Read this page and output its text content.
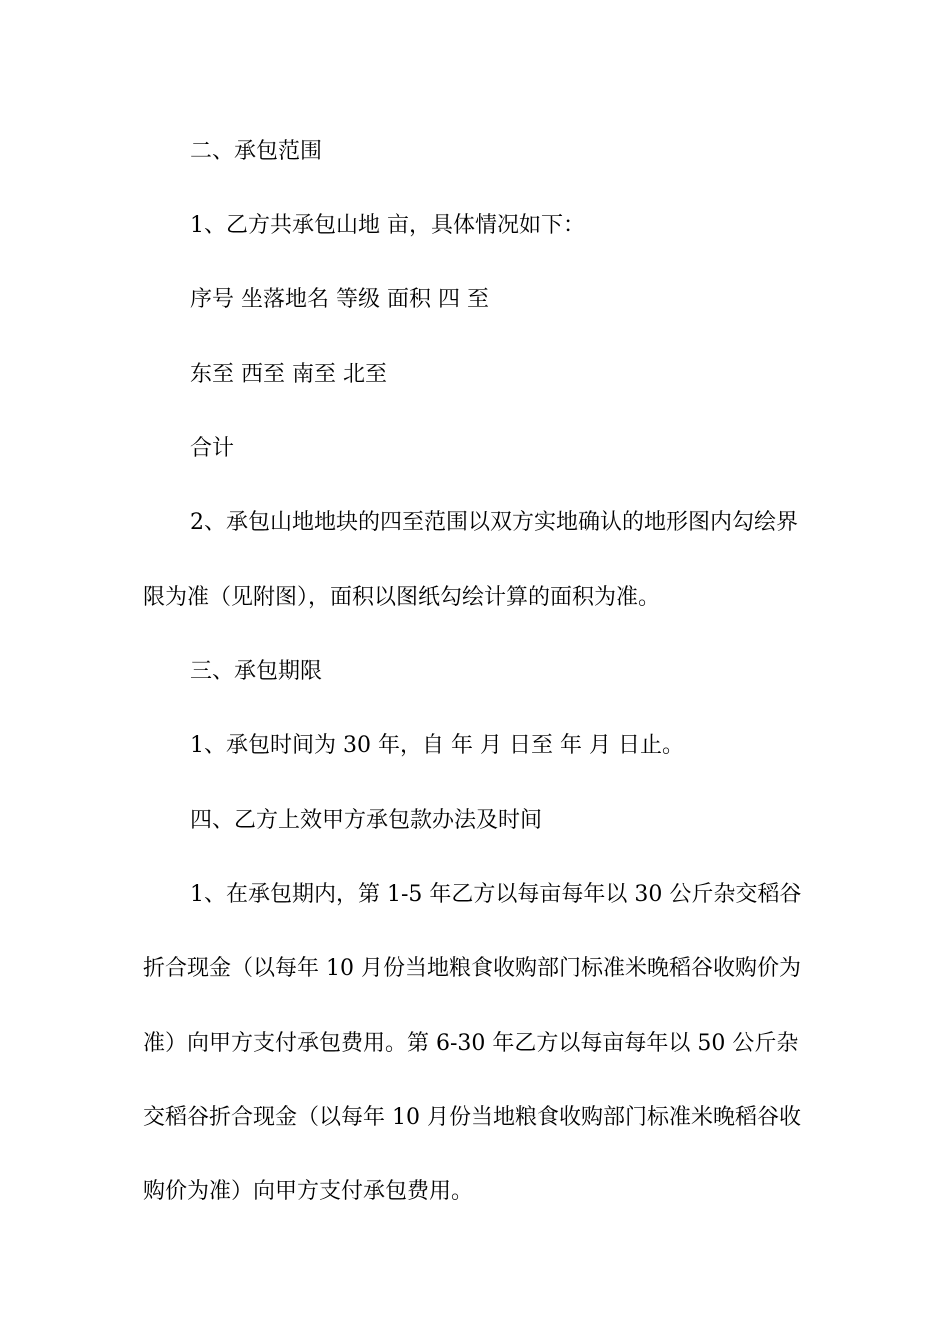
二、承包范围
1、乙方共承包山地 亩，具体情况如下：
序号 坐落地名 等级 面积 四 至
东至 西至 南至 北至
合计
2、承包山地地块的四至范围以双方实地确认的地形图内勾绘界
限为准（见附图），面积以图纸勾绘计算的面积为准。
三、承包期限
1、承包时间为 30 年，自 年 月 日至 年 月 日止。
四、乙方上效甲方承包款办法及时间
1、在承包期内，第 1-5 年乙方以每亩每年以 30 公斤杂交稻谷
折合现金（以每年 10 月份当地粮食收购部门标准米晚稻谷收购价为
准）向甲方支付承包费用。第 6-30 年乙方以每亩每年以 50 公斤杂
交稻谷折合现金（以每年 10 月份当地粮食收购部门标准米晚稻谷收
购价为准）向甲方支付承包费用。
